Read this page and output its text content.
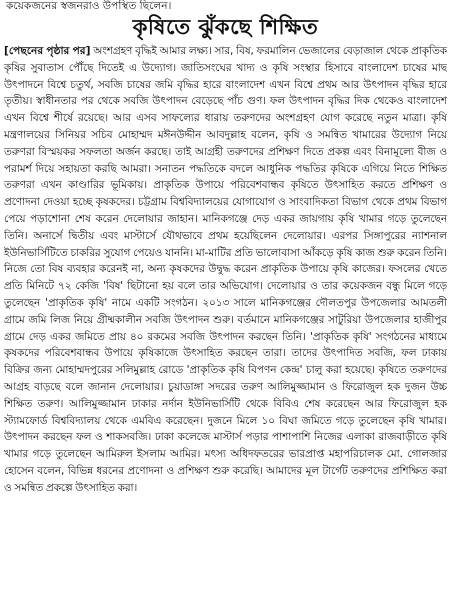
কয়েকজনের স্বজনরাও উপস্থিত ছিলেন।

কৃষিতে ঝুঁকছে শিক্ষিত

[পেছনের পৃষ্ঠার পর] অংশগ্রহণ বৃদ্ধিই আমার লক্ষ্য। সার, বিষ, ফরমালিন ভেজালের বেড়াজাল থেকে প্রাকৃতিক কৃষির সুবাতাস পৌঁছে দিতেই এ উদ্যোগ। জাতিসংঘের খাদ্য ও কৃষি সংস্থার হিসাবে বাংলাদেশ চাষের মাছ উৎপাদনে বিশ্বে চতুর্থ, সবজি চাষের জমি বৃদ্ধির হারে বাংলাদেশ এখন বিশ্বে প্রথম আর উৎপাদন বৃদ্ধির হারে তৃতীয়। স্বাধীনতার পর থেকে সবজি উৎপাদন বেড়েছে পাঁচ গুণ। ফল উৎপাদন বৃদ্ধির দিক থেকেও বাংলাদেশ এখন বিশ্বে শীর্ষে রয়েছে। আর এসব সাফল্যের ধারায় তরুণদের অংশগ্রহণ যোগ করেছে নতুন মাত্রা। কৃষি মন্ত্রণালয়ের সিনিয়র সচিব মোহাম্মদ মঈনউদ্দীন আবদুল্লাহ বলেন, কৃষি ও সমন্বিত খামারের উদ্যোগ নিয়ে তরুণরা বিস্ময়কর সফলতা অর্জন করছে। তাই আগ্রহী তরুণদের প্রশিক্ষণ দিতে প্রকল্প এবং বিনামূল্যে বীজ ও পরামর্শ দিয়ে সহায়তা করছি আমরা। সনাতন পদ্ধতিকে বদলে আধুনিক পদ্ধতির কৃষিকে এগিয়ে নিতে শিক্ষিত তরুণরা এখন কাণ্ডারির ভূমিকায়। প্রাকৃতিক উপায়ে পরিবেশবান্ধব কৃষিতে উৎসাহিত করতে প্রশিক্ষণ ও প্রণোদনা দেওয়া হচ্ছে কৃষকদের। চট্টগ্রাম বিশ্ববিদ্যালয়ের যোগাযোগ ও সাংবাদিকতা বিভাগ থেকে প্রথম বিভাগ পেয়ে পড়াশোনা শেষ করেন দেলোয়ার জাহান। মানিকগঞ্জে দেড় একর জায়গায় কৃষি খামার গড়ে তুলেছেন তিনি। অনার্সে দ্বিতীয় এবং মাস্টার্সে যৌথভাবে প্রথম হয়েছিলেন দেলোয়ার। এরপর সিঙ্গাপুরের ন্যাশনাল ইউনিভার্সিটিতে চাকরির সুযোগ পেয়েও যাননি। মা-মাটির প্রতি ভালোবাসা আঁকড়ে কৃষি কাজ শুরু করেন তিনি। নিজে তো বিষ ব্যবহার করেনই না, অন্য কৃষকদের উদ্বুদ্ধ করেন প্রাকৃতিক উপায়ে কৃষি কাজের। ফসলের খেতে প্রতি মিনিটে ৭২ কেজি 'বিষ' ছিটানো হয় বলে তার অভিযোগ। দেলোয়ার ও তার কয়েকজন বন্ধু মিলে গড়ে তুলেছেন 'প্রাকৃতিক কৃষি' নামে একটি সংগঠন। ২০১৩ সালে মানিকগঞ্জের দৌলতপুর উপজেলার আমতলী গ্রামে জমি লিজ নিয়ে গ্রীষ্মকালীন সবজি উৎপাদন শুরু। বর্তমানে মানিকগঞ্জের সাটুরিয়া উপজেলার হাজীপুর গ্রামে দেড় একর জমিতে প্রায় ৪০ রকমের সবজি উৎপাদন করছেন তিনি। 'প্রাকৃতিক কৃষি' সংগঠনের মাধ্যমে কৃষকদের পরিবেশবান্ধব উপায়ে কৃষিকাজে উৎসাহিত করছেন তারা। তাদের উৎপাদিত সবজি, ফল ঢাকায় বিক্রির জন্য মোহাম্মদপুরের সলিমুল্লাহ রোডে 'প্রাকৃতিক কৃষি বিপণন কেন্দ্র' চালু করা হয়েছে। কৃষিতে তরুণদের আগ্রহ বাড়ছে বলে জানান দেলোয়ার। চুয়াডাঙ্গা সদরের তরুণ আলিমুজ্জামান ও ফিরোজুল হক দুজন উচ্চ শিক্ষিত তরুণ। আলিমুজ্জামান ঢাকার নর্দান ইউনিভার্সিটি থেকে বিবিএ শেষ করেছেন আর ফিরোজুল হক স্ট্যামফোর্ড বিশ্ববিদ্যালয় থেকে এমবিএ করেছেন। দুজনে মিলে ১০ বিঘা জমিতে গড়ে তুলেছেন কৃষি খামার। উৎপাদন করছেন ফল ও শাকসবজি। ঢাকা কলেজে মাস্টার্স পড়ার পাশাপাশি নিজের এলাকা রাজবাড়ীতে কৃষি খামার গড়ে তুলেছেন আমিরুল ইসলাম আমির। মৎস্য অধিদফতরের ভারপ্রাপ্ত মহাপরিচালক মো. গোলজার হোসেন বলেন, বিভিন্ন ধরনের প্রণোদনা ও প্রশিক্ষণ শুরু করেছি। আমাদের মূল টার্গেট তরুণদের প্রশিক্ষিত করা ও সমন্বিত প্রকল্পে উৎসাহিত করা।
